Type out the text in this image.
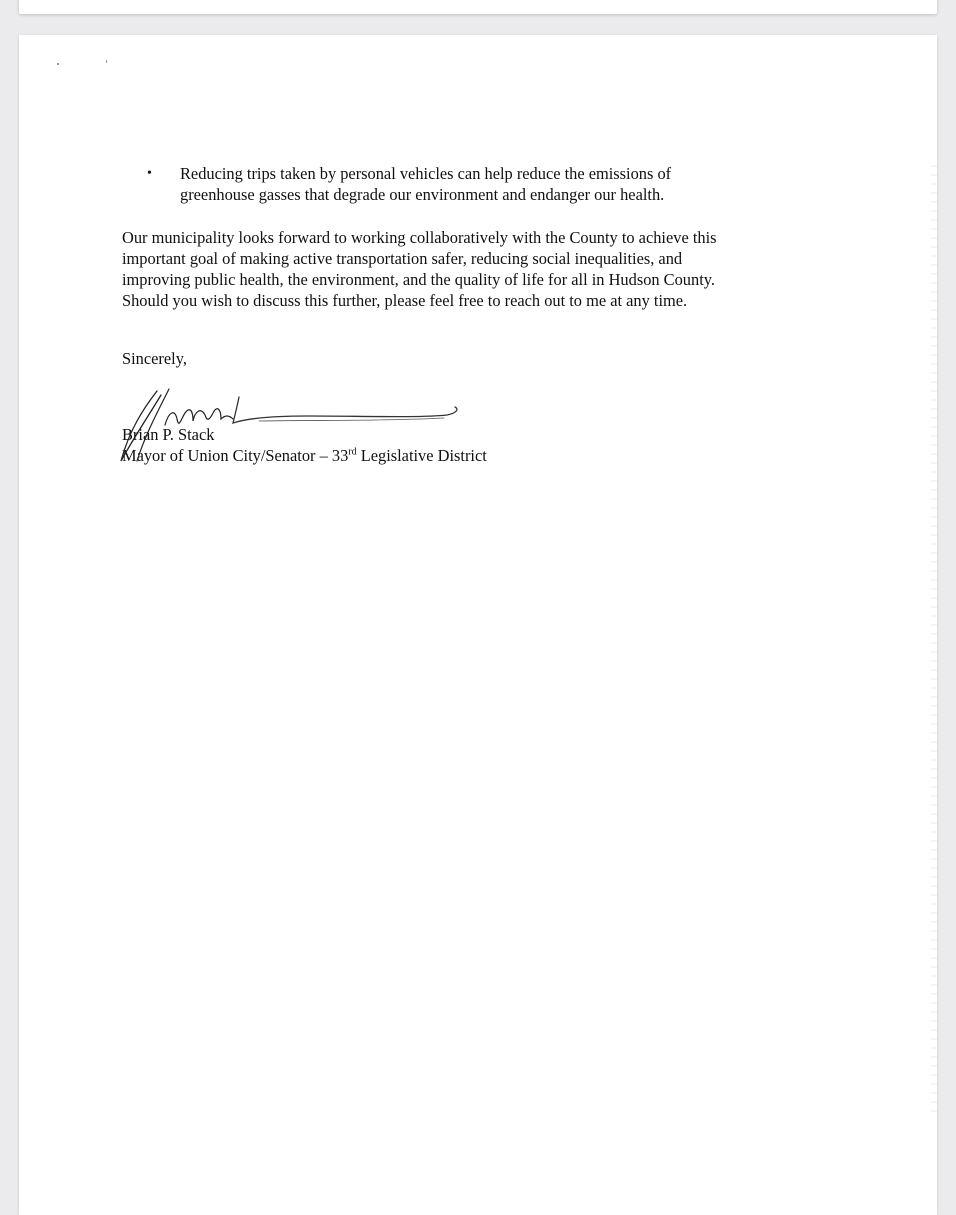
•	Reducing trips taken by personal vehicles can help reduce the emissions of
greenhouse gasses that degrade our environment and endanger our health.
Our municipality looks forward to working collaboratively with the County to achieve this
important goal of making active transportation safer, reducing social inequalities, and
improving public health, the environment, and the quality of life for all in Hudson County.
Should you wish to discuss this further, please feel free to reach out to me at any time.
Sincerely,
Brian P. Stack
Mayor of Union City/Senator – 33rd Legislative District
